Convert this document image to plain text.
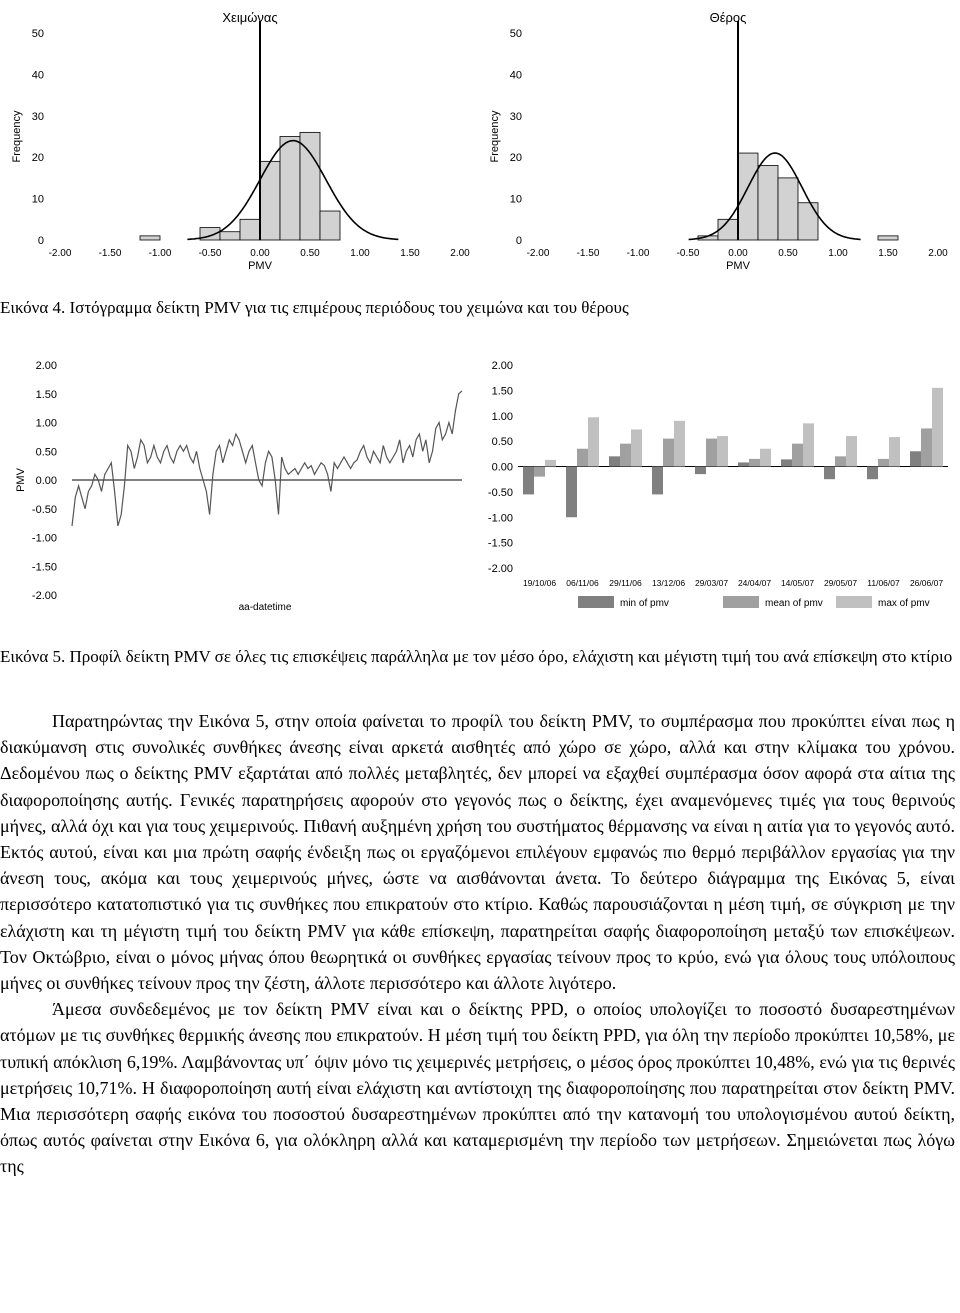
Χειμώνας
Frequency
0
10
20
30
40
50
-2.00	-1.50	-1.00	-0.50	0.00	0.50	1.00	1.50	2.00
PMV
Θέρος
Frequency
0
10
20
30
40
50
-2.00	-1.50	-1.00	-0.50	0.00	0.50	1.00	1.50	2.00
PMV

Εικόνα 4. Ιστόγραμμα δείκτη PMV για τις επιμέρους περιόδους του χειμώνα και του θέρους

PMV
2.00
1.50
1.00
0.50
0.00
-0.50
-1.00
-1.50
-2.00
aa-datetime
2.00
1.50
1.00
0.50
0.00
-0.50
-1.00
-1.50
-2.00
19/10/06 06/11/06 29/11/06 13/12/06 29/03/07 24/04/07 14/05/07 29/05/07 11/06/07 26/06/07
min of pmv	mean of pmv	max of pmv

Εικόνα 5. Προφίλ δείκτη PMV σε όλες τις επισκέψεις παράλληλα με τον μέσο όρο, ελάχιστη και μέγιστη τιμή του ανά επίσκεψη στο κτίριο

Παρατηρώντας την Εικόνα 5, στην οποία φαίνεται το προφίλ του δείκτη PMV, το συμπέρασμα που προκύπτει είναι πως η διακύμανση στις συνολικές συνθήκες άνεσης είναι αρκετά αισθητές από χώρο σε χώρο, αλλά και στην κλίμακα του χρόνου. Δεδομένου πως ο δείκτης PMV εξαρτάται από πολλές μεταβλητές, δεν μπορεί να εξαχθεί συμπέρασμα όσον αφορά στα αίτια της διαφοροποίησης αυτής. Γενικές παρατηρήσεις αφορούν στο γεγονός πως ο δείκτης, έχει αναμενόμενες τιμές για τους θερινούς μήνες, αλλά όχι και για τους χειμερινούς. Πιθανή αυξημένη χρήση του συστήματος θέρμανσης να είναι η αιτία για το γεγονός αυτό. Εκτός αυτού, είναι και μια πρώτη σαφής ένδειξη πως οι εργαζόμενοι επιλέγουν εμφανώς πιο θερμό περιβάλλον εργασίας για την άνεση τους, ακόμα και τους χειμερινούς μήνες, ώστε να αισθάνονται άνετα. Το δεύτερο διάγραμμα της Εικόνας 5, είναι περισσότερο κατατοπιστικό για τις συνθήκες που επικρατούν στο κτίριο. Καθώς παρουσιάζονται η μέση τιμή, σε σύγκριση με την ελάχιστη και τη μέγιστη τιμή του δείκτη PMV για κάθε επίσκεψη, παρατηρείται σαφής διαφοροποίηση μεταξύ των επισκέψεων. Τον Οκτώβριο, είναι ο μόνος μήνας όπου θεωρητικά οι συνθήκες εργασίας τείνουν προς το κρύο, ενώ για όλους τους υπόλοιπους μήνες οι συνθήκες τείνουν προς την ζέστη, άλλοτε περισσότερο και άλλοτε λιγότερο.

Άμεσα συνδεδεμένος με τον δείκτη PMV είναι και ο δείκτης PPD, ο οποίος υπολογίζει το ποσοστό δυσαρεστημένων ατόμων με τις συνθήκες θερμικής άνεσης που επικρατούν. Η μέση τιμή του δείκτη PPD, για όλη την περίοδο προκύπτει 10,58%, με τυπική απόκλιση 6,19%. Λαμβάνοντας υπ΄ όψιν μόνο τις χειμερινές μετρήσεις, ο μέσος όρος προκύπτει 10,48%, ενώ για τις θερινές μετρήσεις 10,71%. Η διαφοροποίηση αυτή είναι ελάχιστη και αντίστοιχη της διαφοροποίησης που παρατηρείται στον δείκτη PMV. Μια περισσότερη σαφής εικόνα του ποσοστού δυσαρεστημένων προκύπτει από την κατανομή του υπολογισμένου αυτού δείκτη, όπως αυτός φαίνεται στην Εικόνα 6, για ολόκληρη αλλά και καταμερισμένη την περίοδο των μετρήσεων. Σημειώνεται πως λόγω της
